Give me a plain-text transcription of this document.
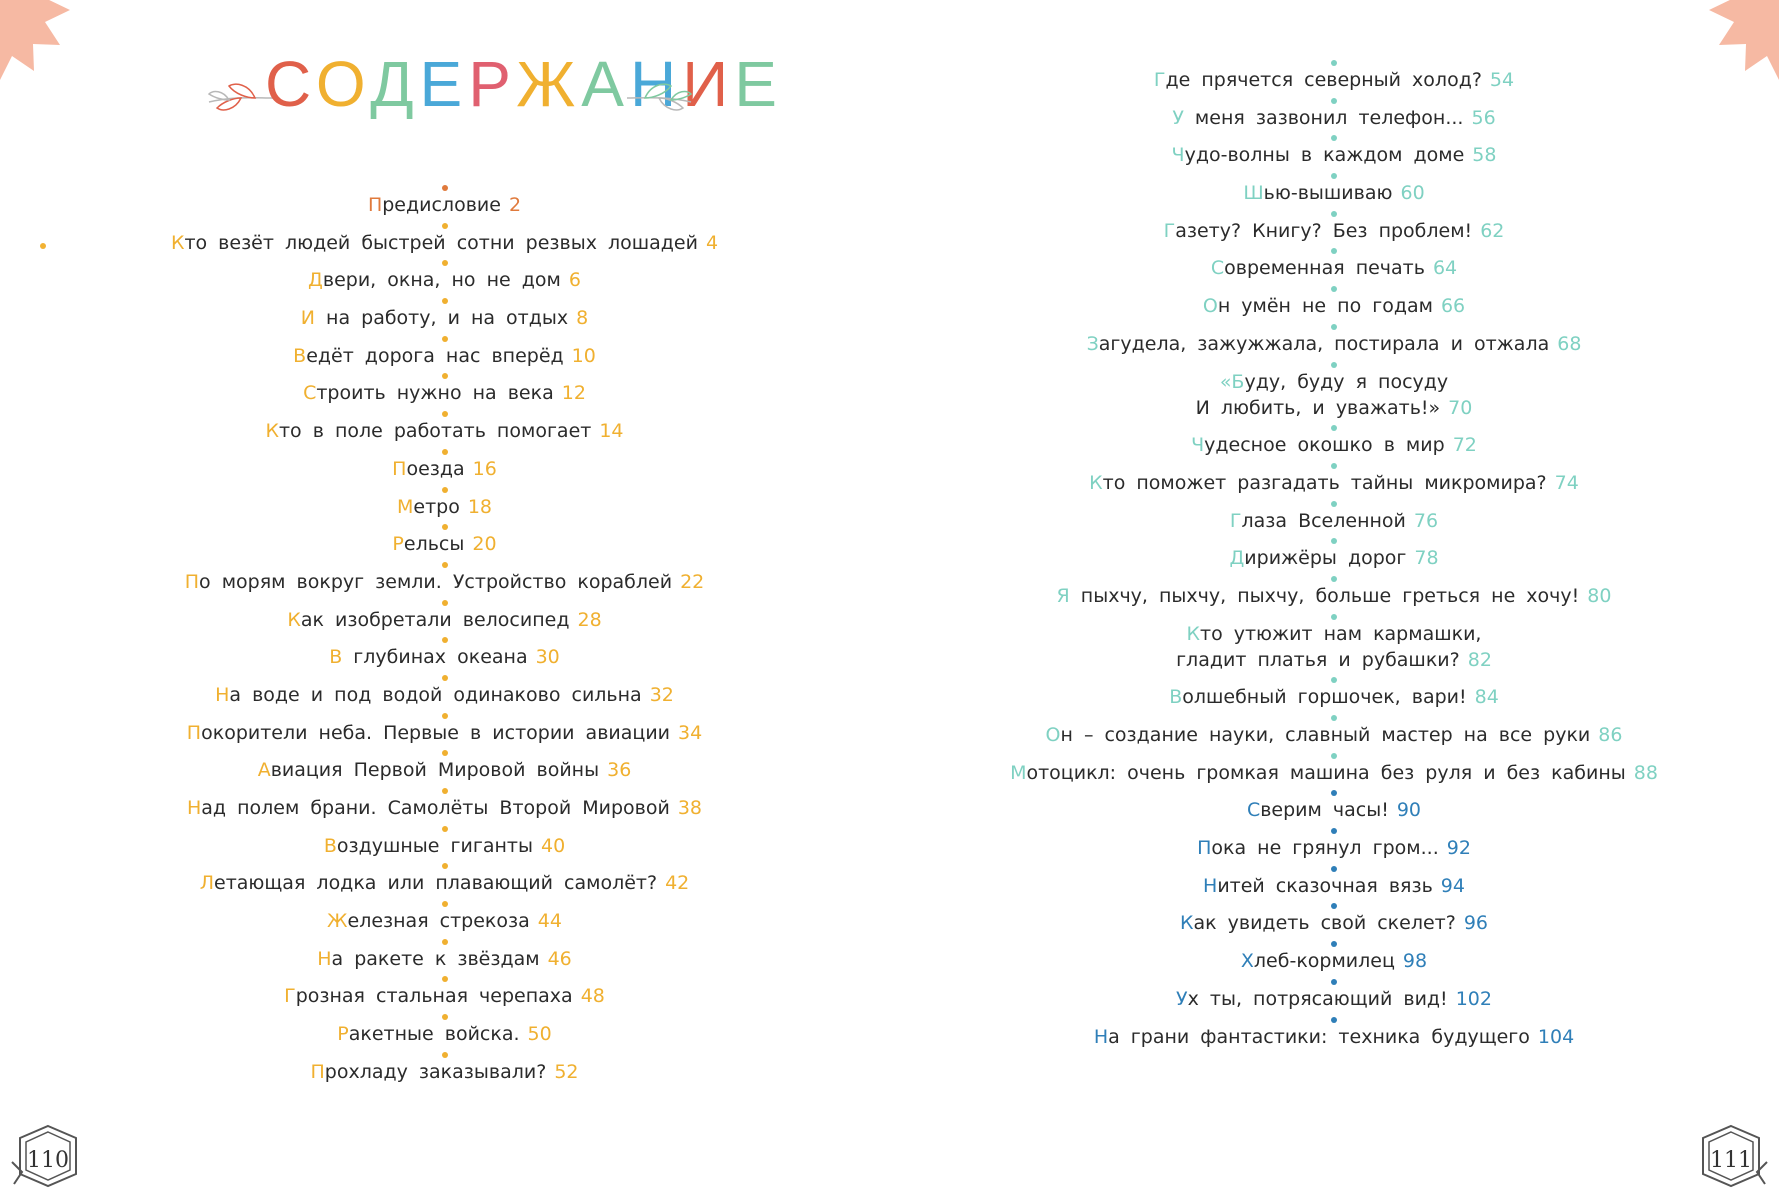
СОДЕРЖАНИЕ
Предисловие 2
Кто везёт людей быстрей сотни резвых лошадей 4
Двери, окна, но не дом 6
И на работу, и на отдых 8
Ведёт дорога нас вперёд 10
Строить нужно на века 12
Кто в поле работать помогает 14
Поезда 16
Метро 18
Рельсы 20
По морям вокруг земли. Устройство кораблей 22
Как изобретали велосипед 28
В глубинах океана 30
На воде и под водой одинаково сильна 32
Покорители неба. Первые в истории авиации 34
Авиация Первой Мировой войны 36
Над полем брани. Самолёты Второй Мировой 38
Воздушные гиганты 40
Летающая лодка или плавающий самолёт? 42
Железная стрекоза 44
На ракете к звёздам 46
Грозная стальная черепаха 48
Ракетные войска. 50
Прохладу заказывали? 52
110
Где прячется северный холод? 54
У меня зазвонил телефон... 56
Чудо-волны в каждом доме 58
Шью-вышиваю 60
Газету? Книгу? Без проблем! 62
Современная печать 64
Он умён не по годам 66
Загудела, зажужжала, постирала и отжала 68
«Буду, буду я посуду
И любить, и уважать!» 70
Чудесное окошко в мир 72
Кто поможет разгадать тайны микромира? 74
Глаза Вселенной 76
Дирижёры дорог 78
Я пыхчу, пыхчу, пыхчу, больше греться не хочу! 80
Кто утюжит нам кармашки,
гладит платья и рубашки? 82
Волшебный горшочек, вари! 84
Он – создание науки, славный мастер на все руки 86
Мотоцикл: очень громкая машина без руля и без кабины 88
Сверим часы! 90
Пока не грянул гром... 92
Нитей сказочная вязь 94
Как увидеть свой скелет? 96
Хлеб-кормилец 98
Ух ты, потрясающий вид! 102
На грани фантастики: техника будущего 104
111
